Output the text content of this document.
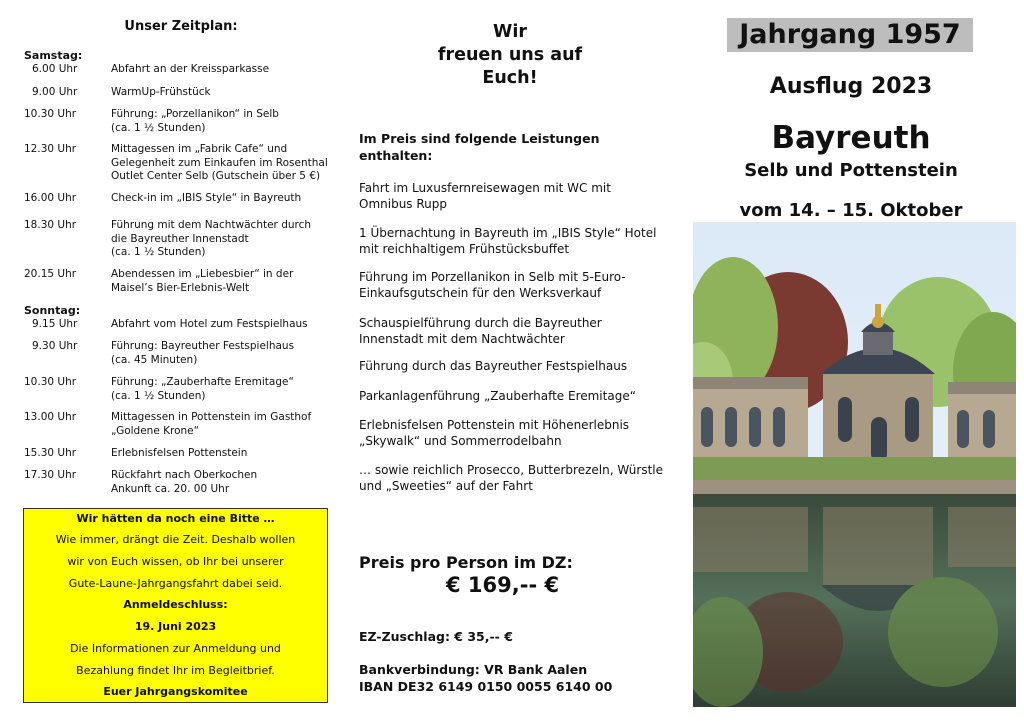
Unser Zeitplan:
Samstag:
6.00 Uhr	Abfahrt an der Kreissparkasse
9.00 Uhr	WarmUp-Frühstück
10.30 Uhr	Führung: „Porzellanikon“ in Selb
(ca. 1 ½ Stunden)
12.30 Uhr	Mittagessen im „Fabrik Cafe“ und
Gelegenheit zum Einkaufen im Rosenthal
Outlet Center Selb (Gutschein über 5 €)
16.00 Uhr	Check-in im „IBIS Style“ in Bayreuth
18.30 Uhr	Führung mit dem Nachtwächter durch
die Bayreuther Innenstadt
(ca. 1 ½ Stunden)
20.15 Uhr	Abendessen im „Liebesbier“ in der
Maisel’s Bier-Erlebnis-Welt
Sonntag:
9.15 Uhr	Abfahrt vom Hotel zum Festspielhaus
9.30 Uhr	Führung: Bayreuther Festspielhaus
(ca. 45 Minuten)
10.30 Uhr	Führung: „Zauberhafte Eremitage“
(ca. 1 ½ Stunden)
13.00 Uhr	Mittagessen in Pottenstein im Gasthof
„Goldene Krone“
15.30 Uhr	Erlebnisfelsen Pottenstein
17.30 Uhr	Rückfahrt nach Oberkochen
Ankunft ca. 20. 00 Uhr

Wir hätten da noch eine Bitte …

Wie immer, drängt die Zeit. Deshalb wollen

wir von Euch wissen, ob Ihr bei unserer

Gute-Laune-Jahrgangsfahrt dabei seid.

Anmeldeschluss:

19. Juni 2023

Die Informationen zur Anmeldung und

Bezahlung findet Ihr im Begleitbrief.

Euer Jahrgangskomitee

Wir
freuen uns auf
Euch!
Im Preis sind folgende Leistungen
enthalten:
Fahrt im Luxusfernreisewagen mit WC mit
Omnibus Rupp
1 Übernachtung in Bayreuth im „IBIS Style“ Hotel
mit reichhaltigem Frühstücksbuffet
Führung im Porzellanikon in Selb mit 5-Euro-
Einkaufsgutschein für den Werksverkauf
Schauspielführung durch die Bayreuther
Innenstadt mit dem Nachtwächter
Führung durch das Bayreuther Festspielhaus
Parkanlagenführung „Zauberhafte Eremitage“
Erlebnisfelsen Pottenstein mit Höhenerlebnis
„Skywalk“ und Sommerrodelbahn
… sowie reichlich Prosecco, Butterbrezeln, Würstle
und „Sweeties“ auf der Fahrt
Preis pro Person im DZ:
€ 169,-- €
EZ-Zuschlag: € 35,-- €
Bankverbindung: VR Bank Aalen
IBAN DE32 6149 0150 0055 6140 00
Jahrgang 1957
Ausflug 2023
Bayreuth
Selb und Pottenstein
vom 14. – 15. Oktober
